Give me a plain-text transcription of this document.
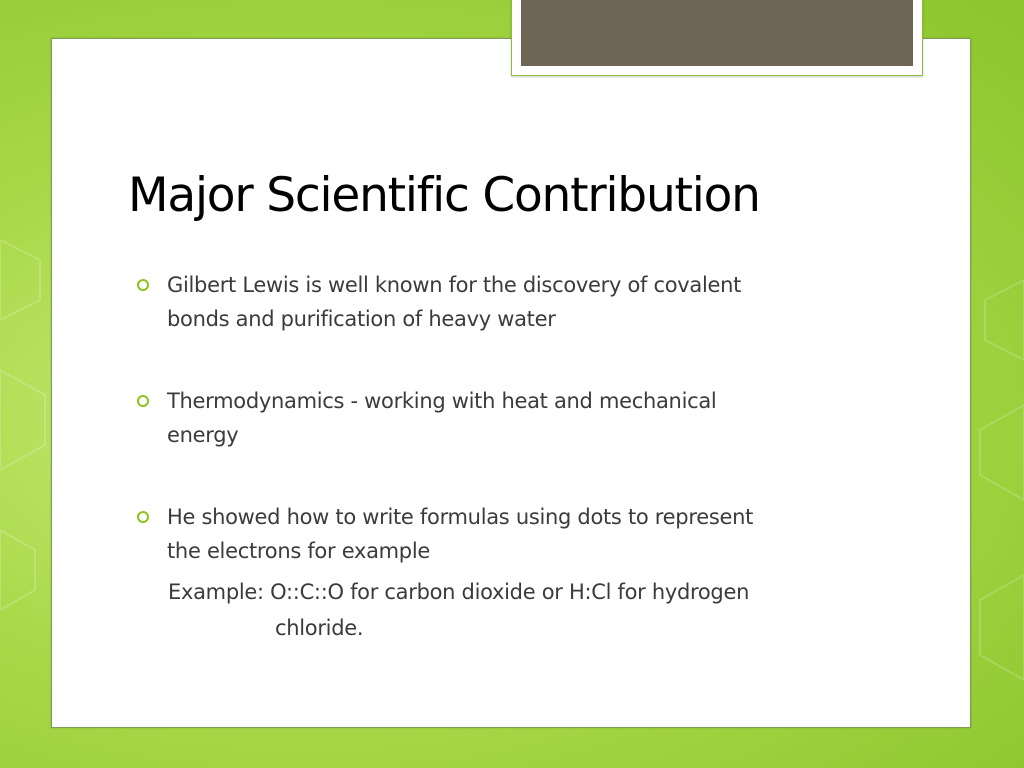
Major Scientific Contribution
Gilbert Lewis is well known for the discovery of covalent
bonds and purification of heavy water
Thermodynamics - working with heat and mechanical
energy
He showed how to write formulas using dots to represent
the electrons for example
Example: O::C::O for carbon dioxide or H:Cl for hydrogen
chloride.
